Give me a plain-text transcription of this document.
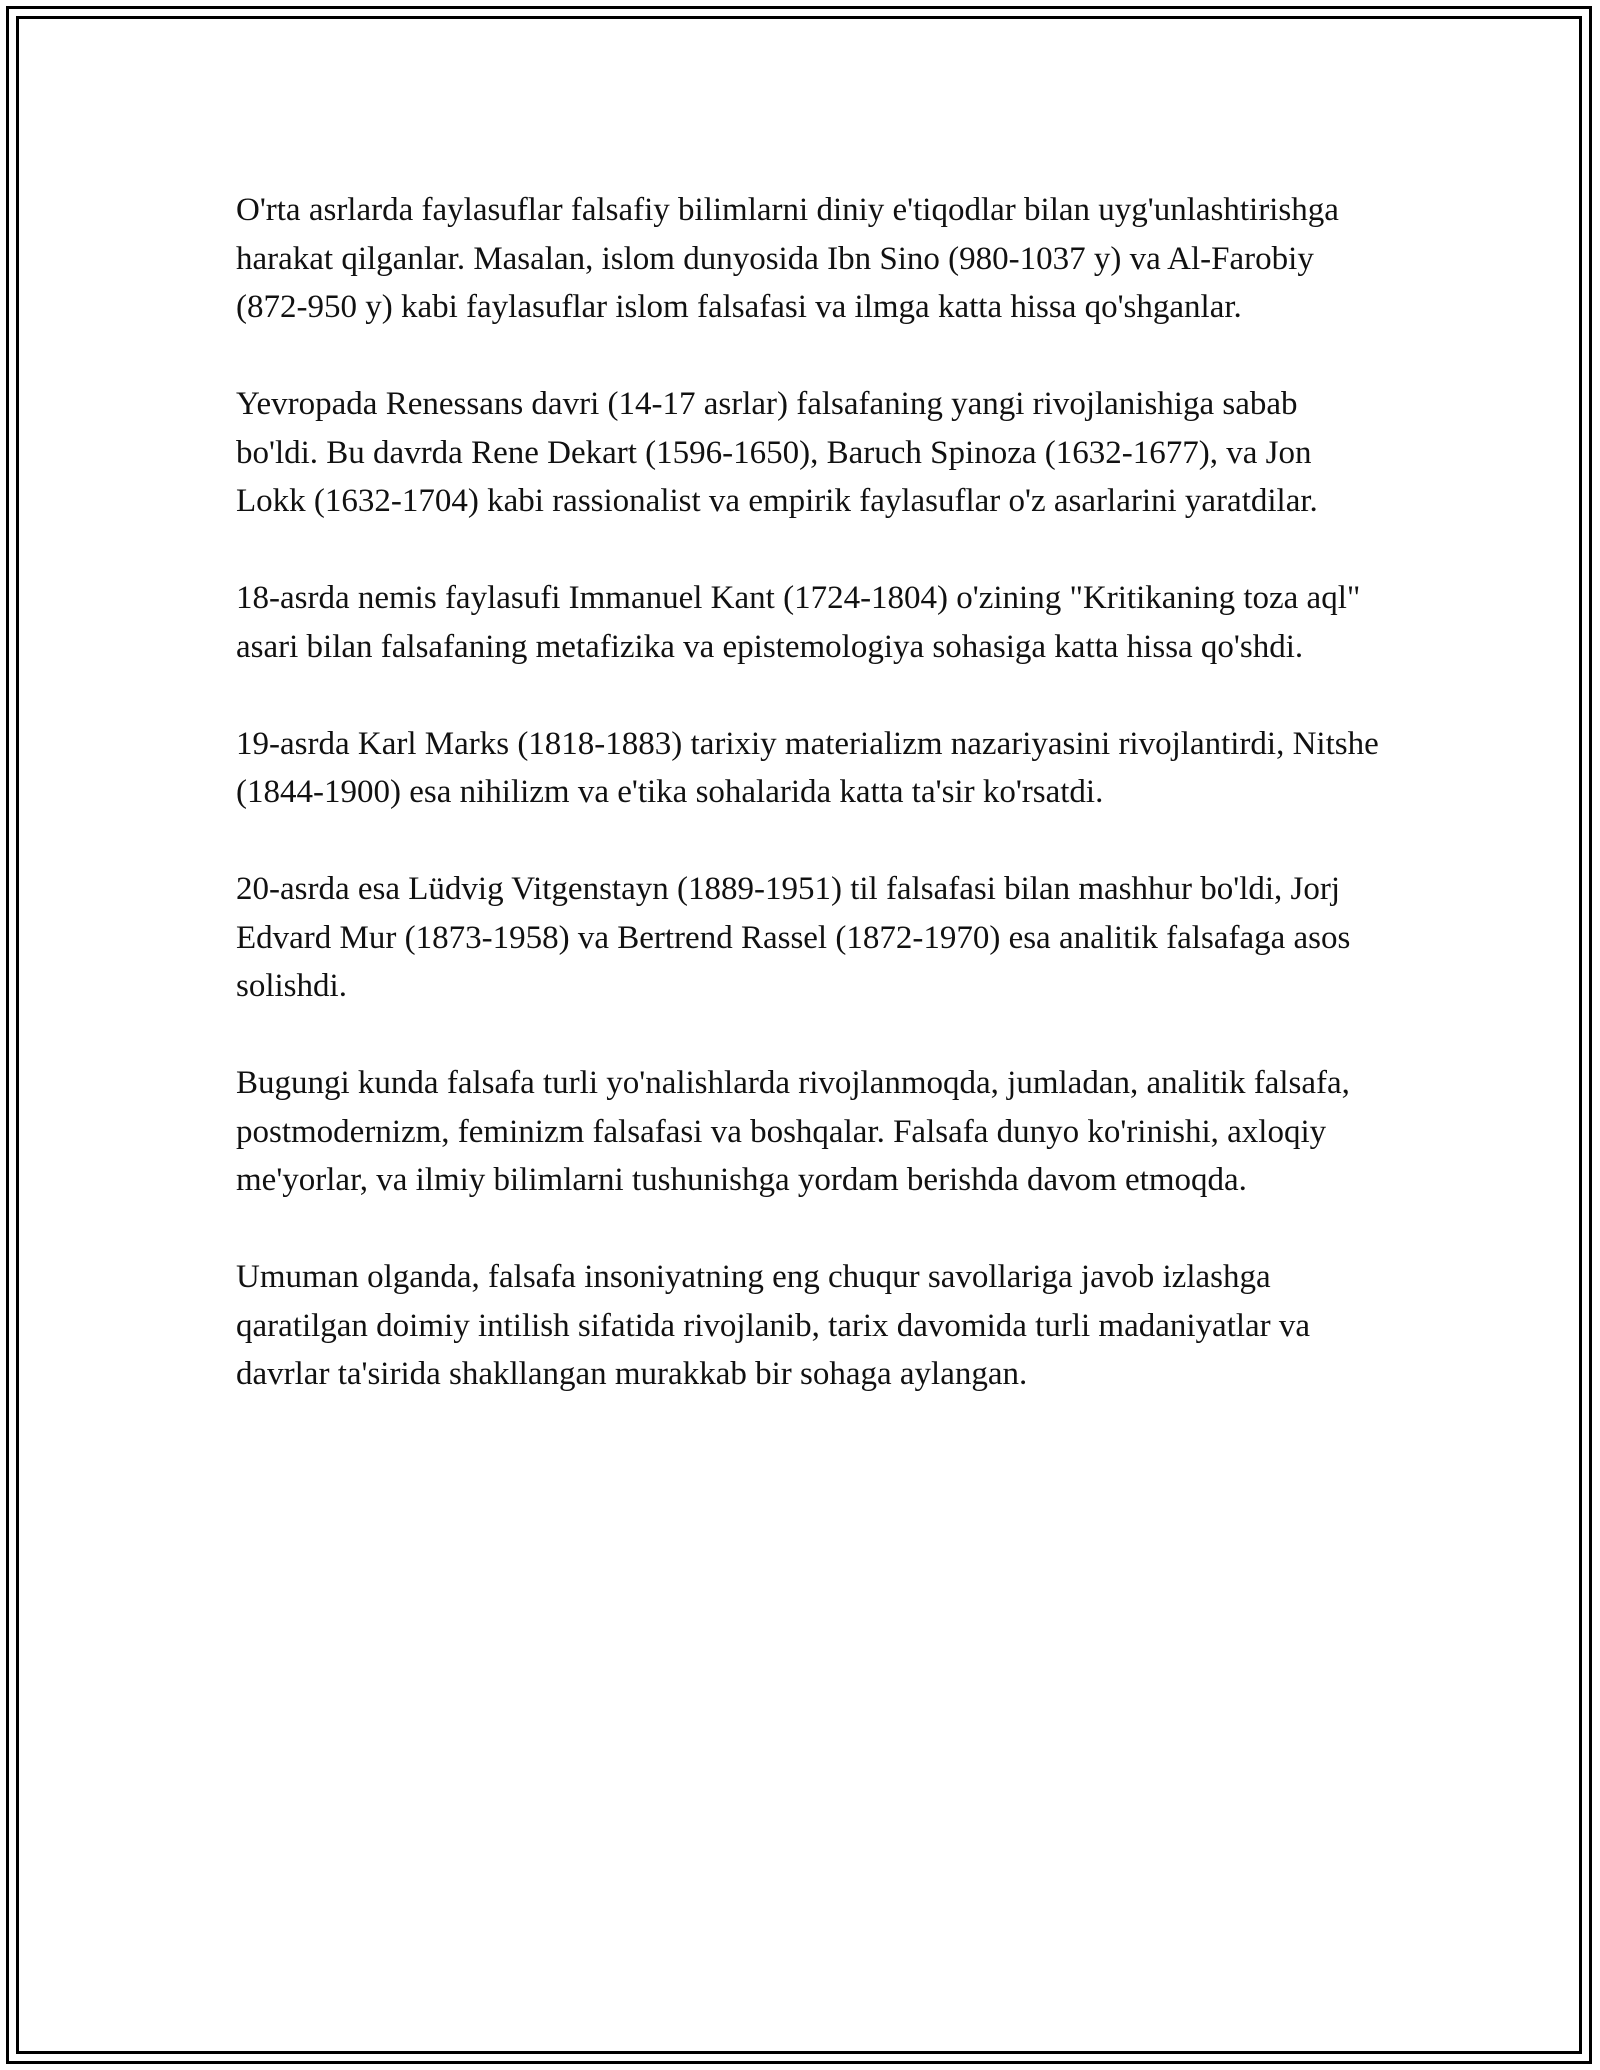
O'rta asrlarda faylasuflar falsafiy bilimlarni diniy e'tiqodlar bilan uyg'unlashtirishga harakat qilganlar. Masalan, islom dunyosida Ibn Sino (980-1037 y) va Al-Farobiy (872-950 y) kabi faylasuflar islom falsafasi va ilmga katta hissa qo'shganlar.

Yevropada Renessans davri (14-17 asrlar) falsafaning yangi rivojlanishiga sabab bo'ldi. Bu davrda Rene Dekart (1596-1650), Baruch Spinoza (1632-1677), va Jon Lokk (1632-1704) kabi rassionalist va empirik faylasuflar o'z asarlarini yaratdilar.

18-asrda nemis faylasufi Immanuel Kant (1724-1804) o'zining "Kritikaning toza aql" asari bilan falsafaning metafizika va epistemologiya sohasiga katta hissa qo'shdi.

19-asrda Karl Marks (1818-1883) tarixiy materializm nazariyasini rivojlantirdi, Nitshe (1844-1900) esa nihilizm va e'tika sohalarida katta ta'sir ko'rsatdi.

20-asrda esa Lüdvig Vitgenstayn (1889-1951) til falsafasi bilan mashhur bo'ldi, Jorj Edvard Mur (1873-1958) va Bertrend Rassel (1872-1970) esa analitik falsafaga asos solishdi.

Bugungi kunda falsafa turli yo'nalishlarda rivojlanmoqda, jumladan, analitik falsafa, postmodernizm, feminizm falsafasi va boshqalar. Falsafa dunyo ko'rinishi, axloqiy me'yorlar, va ilmiy bilimlarni tushunishga yordam berishda davom etmoqda.

Umuman olganda, falsafa insoniyatning eng chuqur savollariga javob izlashga qaratilgan doimiy intilish sifatida rivojlanib, tarix davomida turli madaniyatlar va davrlar ta'sirida shakllangan murakkab bir sohaga aylangan.
